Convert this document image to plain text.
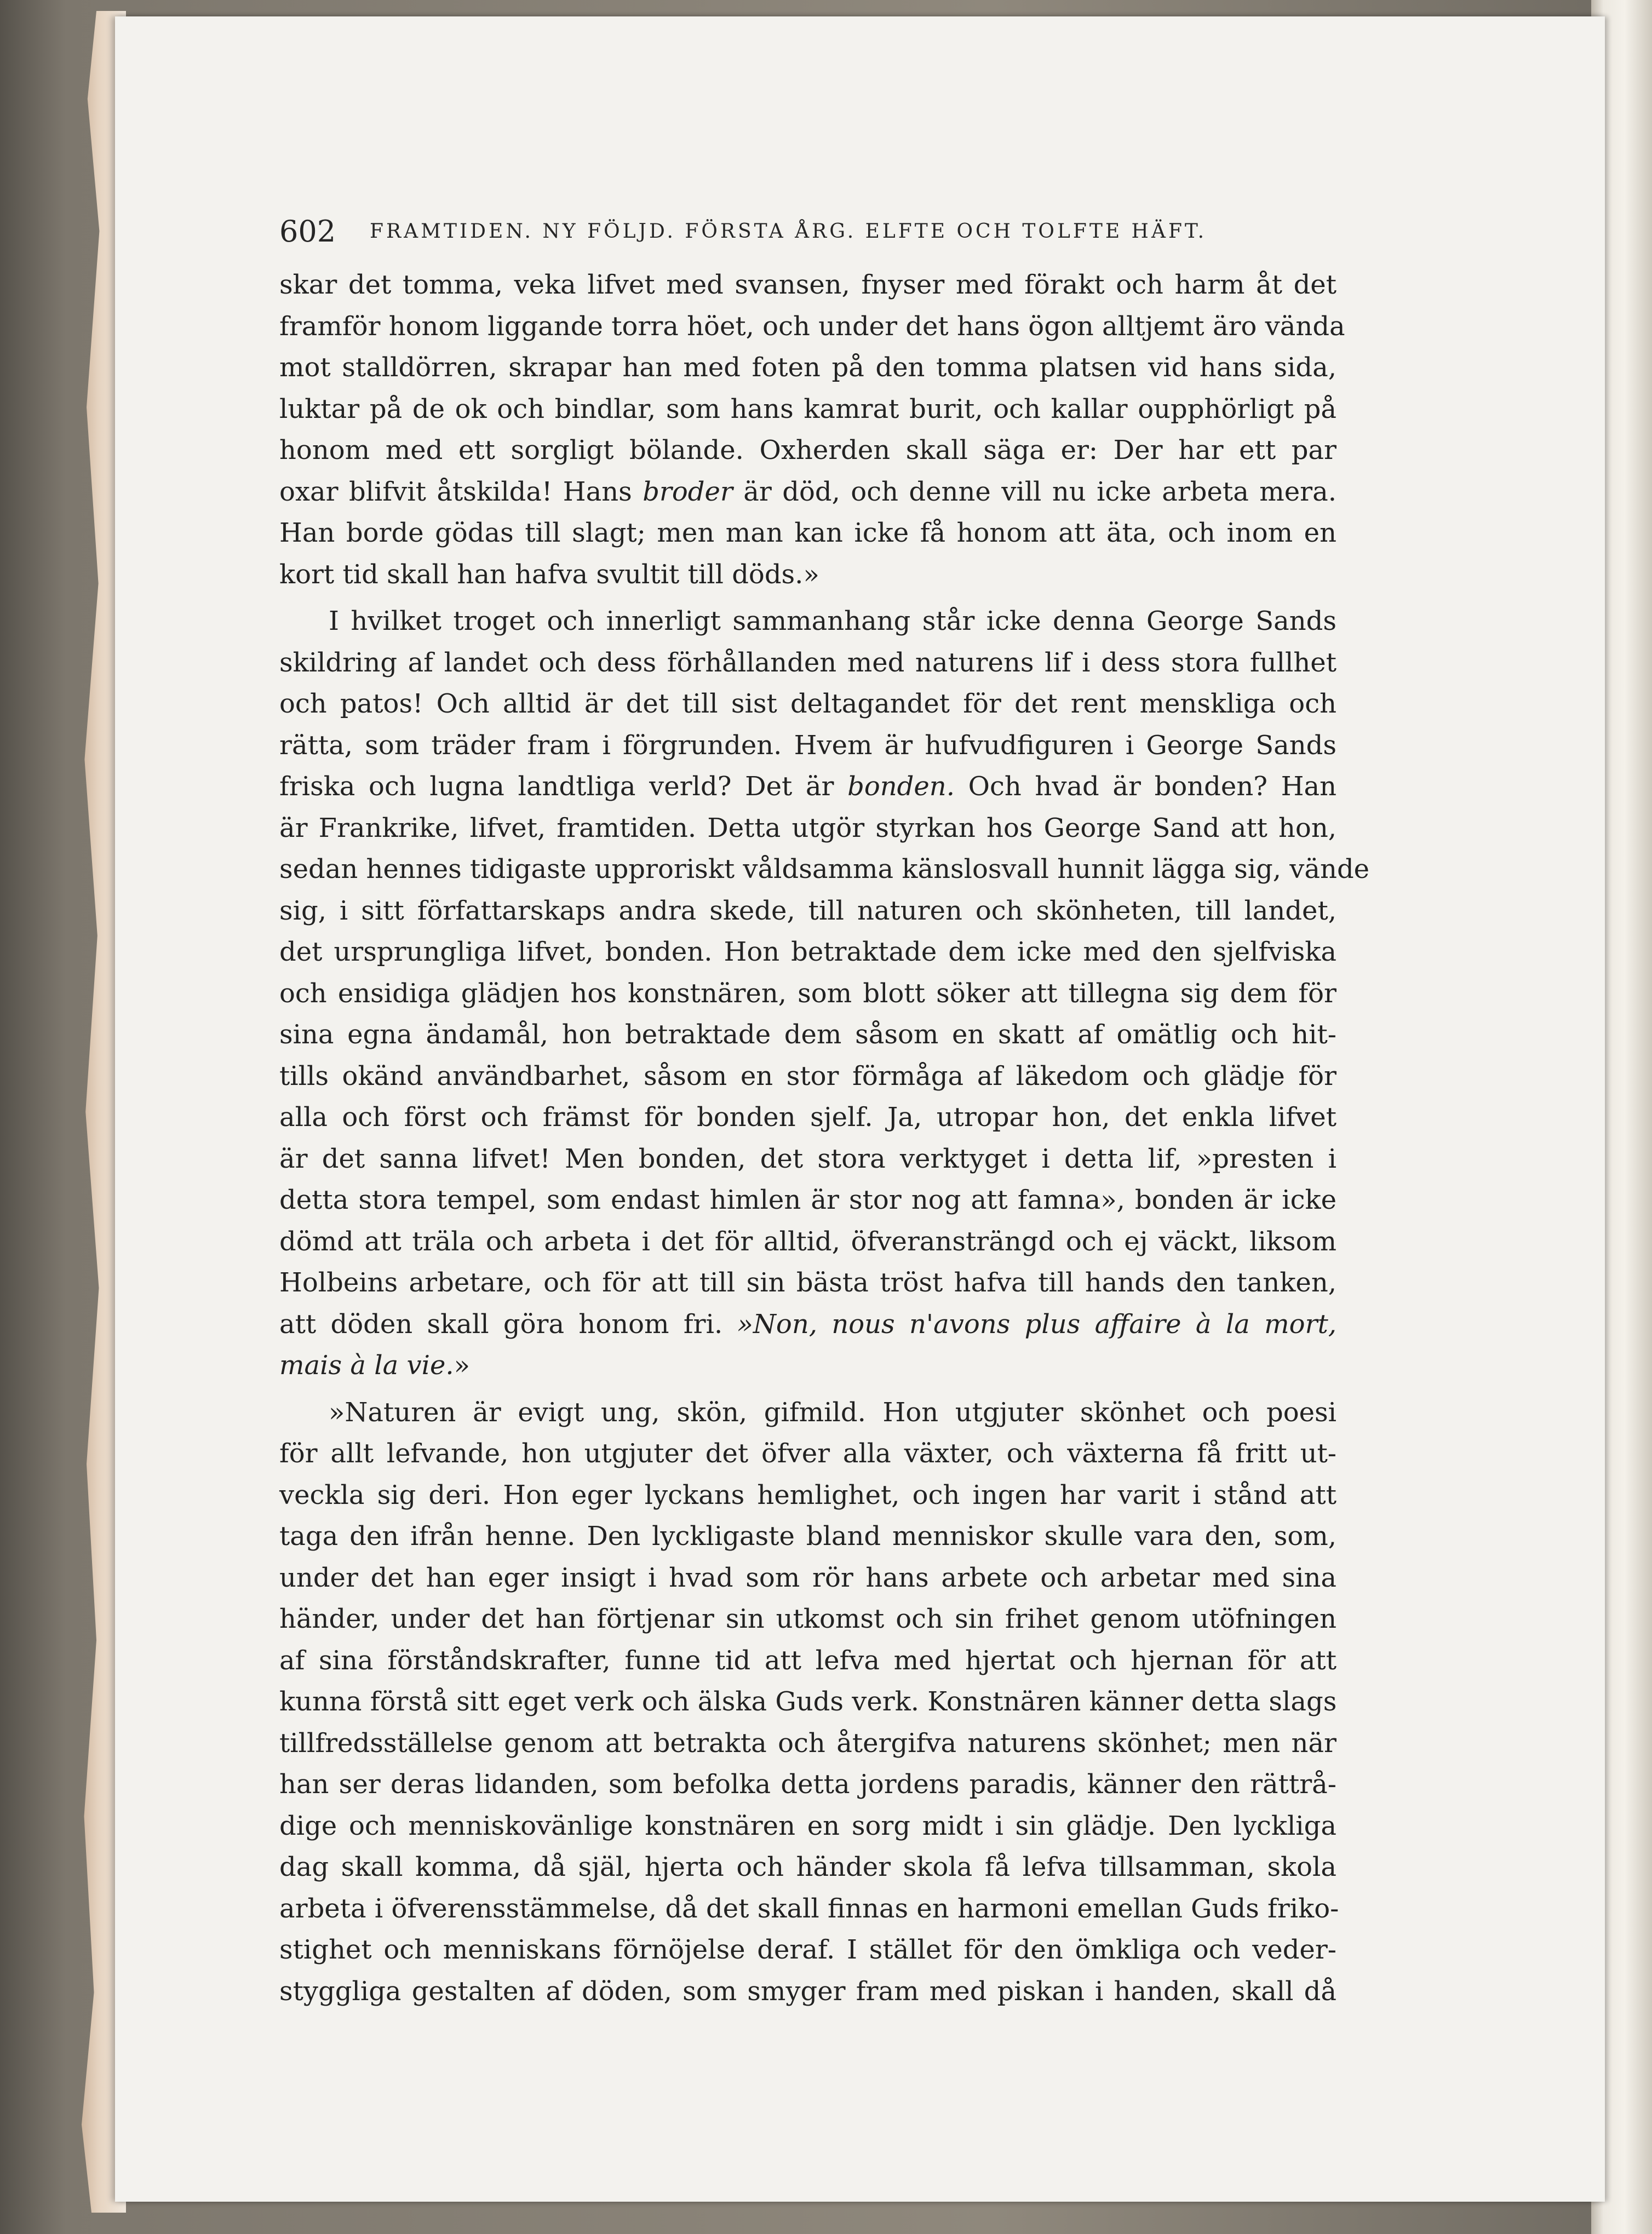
602 FRAMTIDEN. NY FÖLJD. FÖRSTA ÅRG. ELFTE OCH TOLFTE HÄFT.
skar det tomma, veka lifvet med svansen, fnyser med förakt och harm åt det
framför honom liggande torra höet, och under det hans ögon alltjemt äro vända
mot stalldörren, skrapar han med foten på den tomma platsen vid hans sida,
luktar på de ok och bindlar, som hans kamrat burit, och kallar oupphörligt på
honom med ett sorgligt bölande. Oxherden skall säga er: Der har ett par
oxar blifvit åtskilda! Hans broder är död, och denne vill nu icke arbeta mera.
Han borde gödas till slagt; men man kan icke få honom att äta, och inom en
kort tid skall han hafva svultit till döds.»
I hvilket troget och innerligt sammanhang står icke denna George Sands
skildring af landet och dess förhållanden med naturens lif i dess stora fullhet
och patos! Och alltid är det till sist deltagandet för det rent menskliga och
rätta, som träder fram i förgrunden. Hvem är hufvudfiguren i George Sands
friska och lugna landtliga verld? Det är bonden. Och hvad är bonden? Han
är Frankrike, lifvet, framtiden. Detta utgör styrkan hos George Sand att hon,
sedan hennes tidigaste upproriskt våldsamma känslosvall hunnit lägga sig, vände
sig, i sitt författarskaps andra skede, till naturen och skönheten, till landet,
det ursprungliga lifvet, bonden. Hon betraktade dem icke med den sjelfviska
och ensidiga glädjen hos konstnären, som blott söker att tillegna sig dem för
sina egna ändamål, hon betraktade dem såsom en skatt af omätlig och hit-
tills okänd användbarhet, såsom en stor förmåga af läkedom och glädje för
alla och först och främst för bonden sjelf. Ja, utropar hon, det enkla lifvet
är det sanna lifvet! Men bonden, det stora verktyget i detta lif, »presten i
detta stora tempel, som endast himlen är stor nog att famna», bonden är icke
dömd att träla och arbeta i det för alltid, öfveransträngd och ej väckt, liksom
Holbeins arbetare, och för att till sin bästa tröst hafva till hands den tanken,
att döden skall göra honom fri. »Non, nous n'avons plus affaire à la mort,
mais à la vie.»
»Naturen är evigt ung, skön, gifmild. Hon utgjuter skönhet och poesi
för allt lefvande, hon utgjuter det öfver alla växter, och växterna få fritt ut-
veckla sig deri. Hon eger lyckans hemlighet, och ingen har varit i stånd att
taga den ifrån henne. Den lyckligaste bland menniskor skulle vara den, som,
under det han eger insigt i hvad som rör hans arbete och arbetar med sina
händer, under det han förtjenar sin utkomst och sin frihet genom utöfningen
af sina förståndskrafter, funne tid att lefva med hjertat och hjernan för att
kunna förstå sitt eget verk och älska Guds verk. Konstnären känner detta slags
tillfredsställelse genom att betrakta och återgifva naturens skönhet; men när
han ser deras lidanden, som befolka detta jordens paradis, känner den rättrå-
dige och menniskovänlige konstnären en sorg midt i sin glädje. Den lyckliga
dag skall komma, då själ, hjerta och händer skola få lefva tillsamman, skola
arbeta i öfverensstämmelse, då det skall finnas en harmoni emellan Guds friko-
stighet och menniskans förnöjelse deraf. I stället för den ömkliga och veder-
styggliga gestalten af döden, som smyger fram med piskan i handen, skall då
